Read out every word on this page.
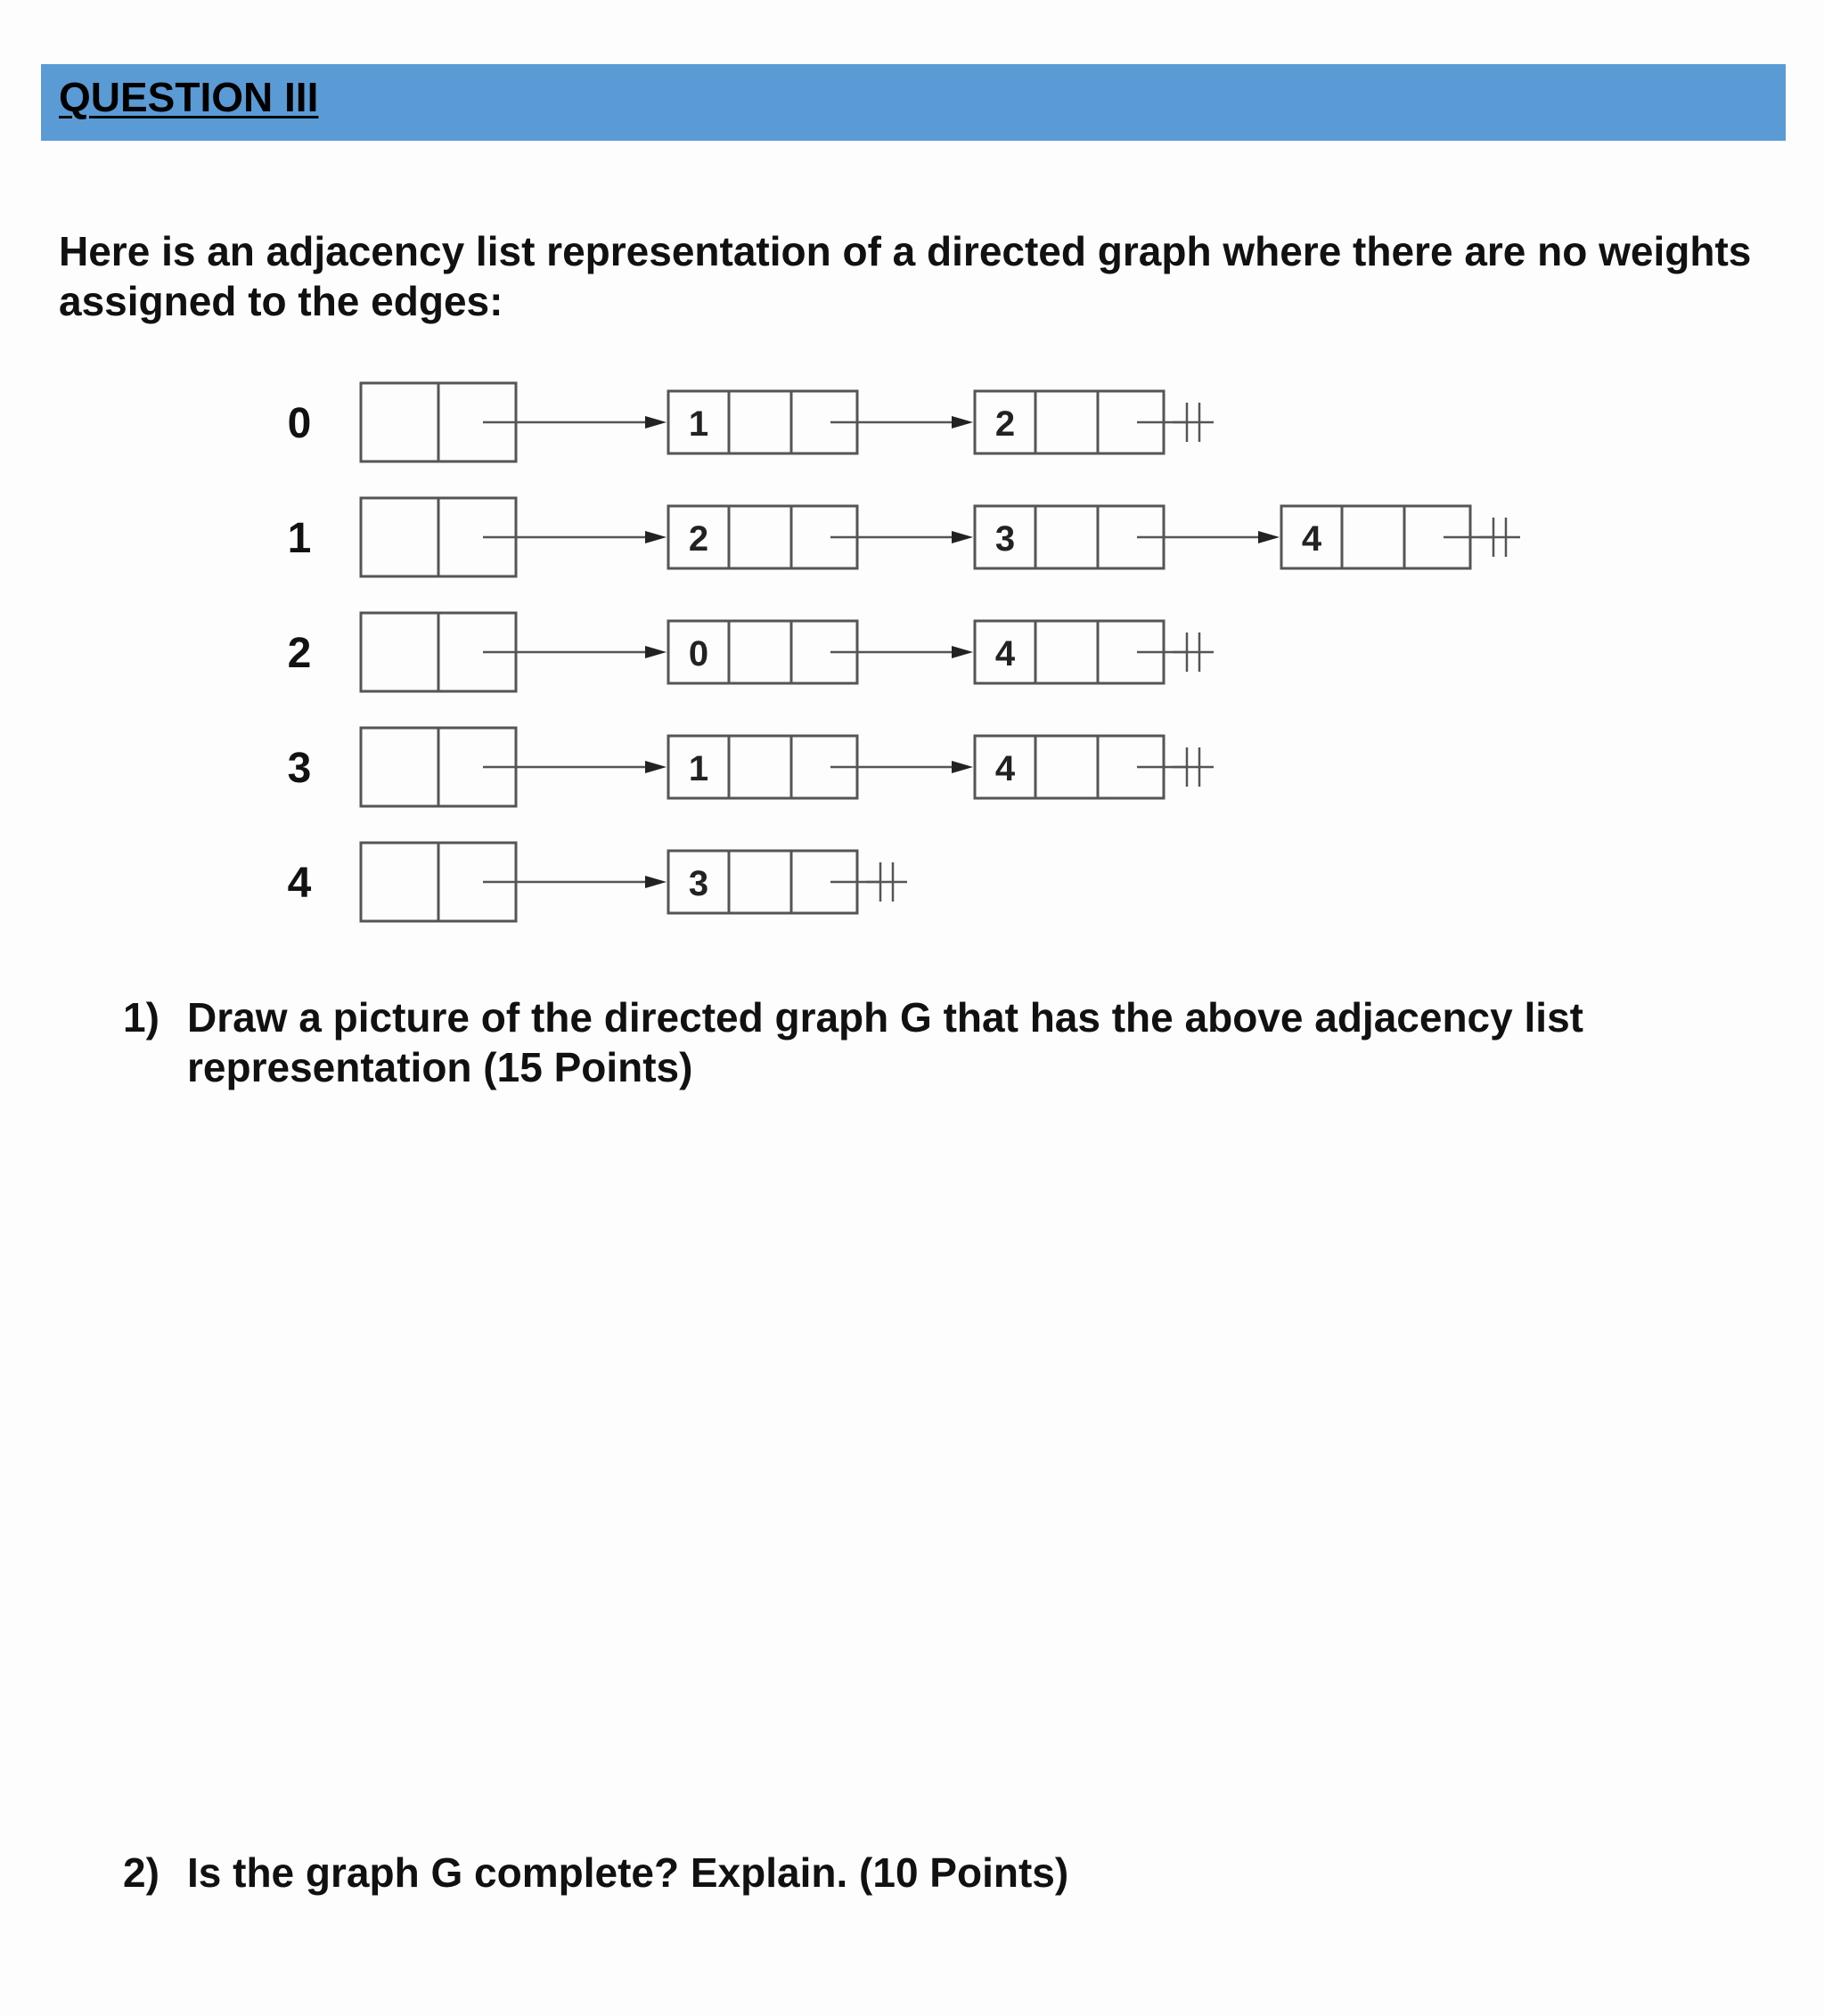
QUESTION III

Here is an adjacency list representation of a directed graph where there are no weights assigned to the edges:

0	1	2
1	2	3	4
2	0	4
3	1	4
4	3
1) Draw a picture of the directed graph G that has the above adjacency list representation (15 Points)
2) Is the graph G complete? Explain. (10 Points)
